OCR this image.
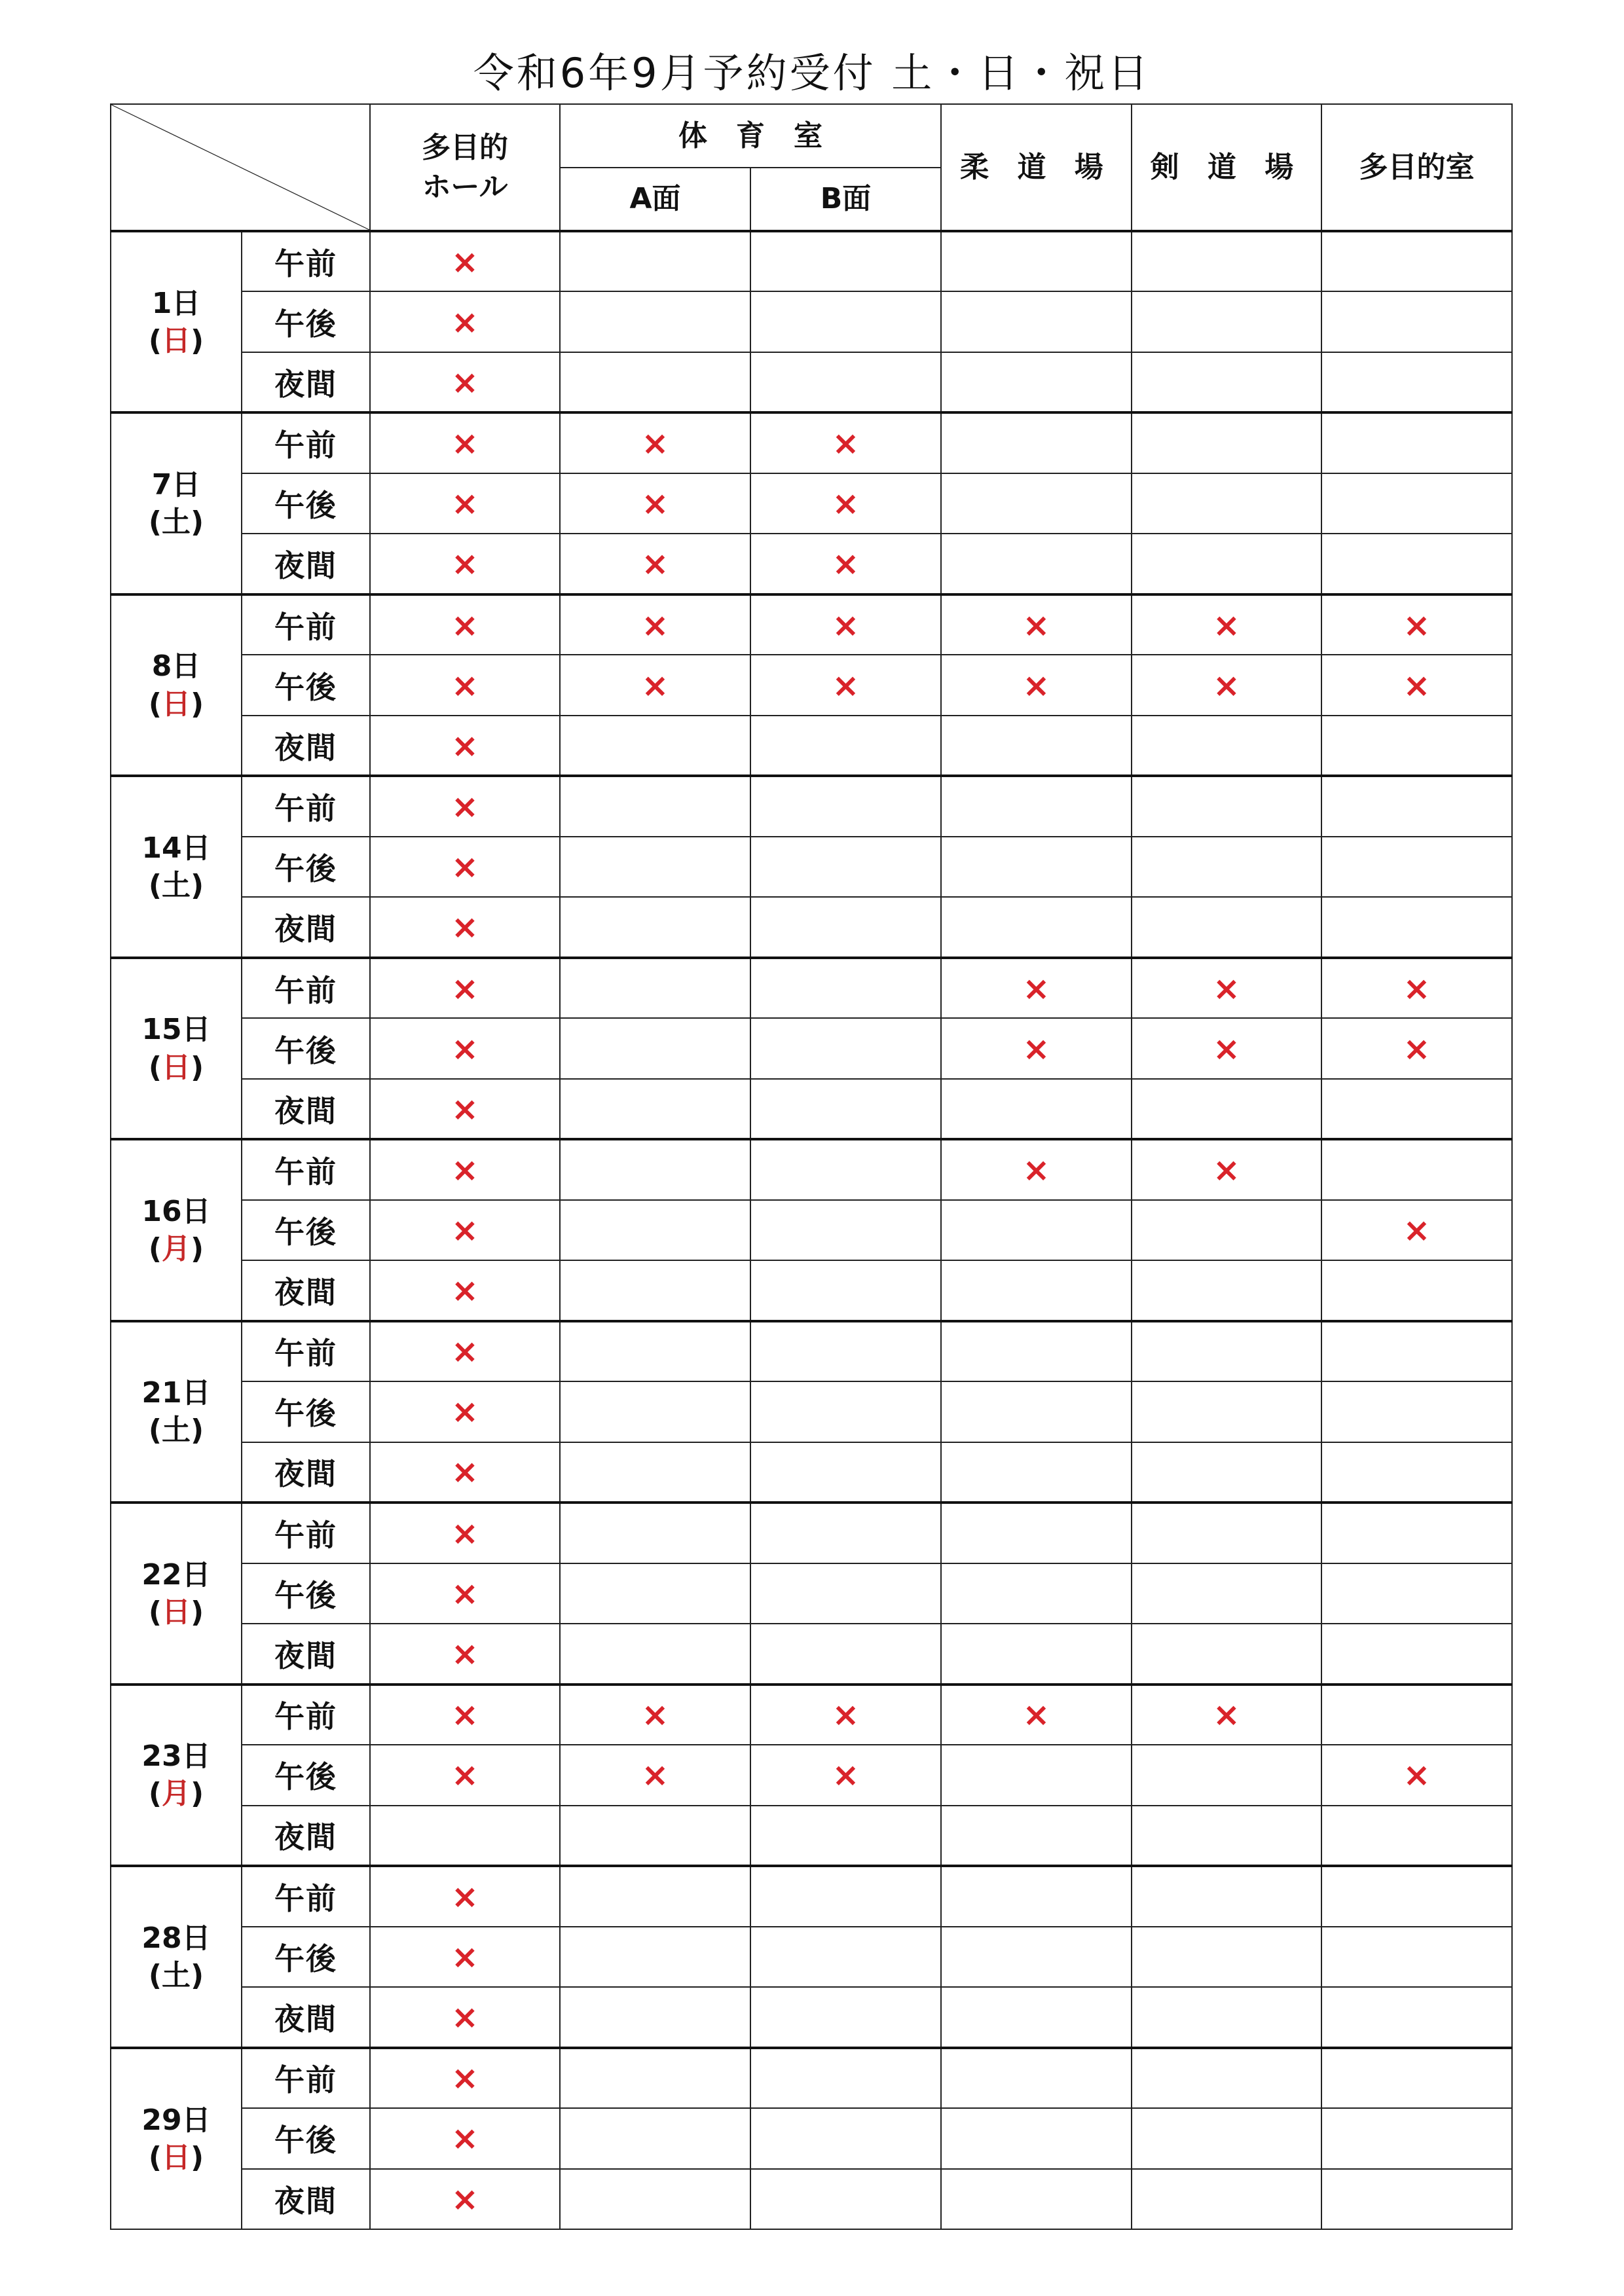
令和6年9月予約受付 土・日・祝日
	多目的
ホール	体　育　室		柔 道 場	剣 道 場	多目的室
			A面	B面			

1日
(日)	午前	×					
	午後	×					
	夜間	×					

7日
(土)	午前	×	×	×			
	午後	×	×	×			
	夜間	×	×	×			

8日
(日)	午前	×	×	×	×	×	×
	午後	×	×	×	×	×	×
	夜間	×					

14日
(土)	午前	×					
	午後	×					
	夜間	×					

15日
(日)	午前	×			×	×	×
	午後	×			×	×	×
	夜間	×					

16日
(月)	午前	×			×	×	
	午後	×					×
	夜間	×					

21日
(土)	午前	×					
	午後	×					
	夜間	×					

22日
(日)	午前	×					
	午後	×					
	夜間	×					

23日
(月)	午前	×	×	×	×	×	
	午後	×	×	×			×
	夜間						

28日
(土)	午前	×					
	午後	×					
	夜間	×					

29日
(日)	午前	×					
	午後	×					
	夜間	×					
